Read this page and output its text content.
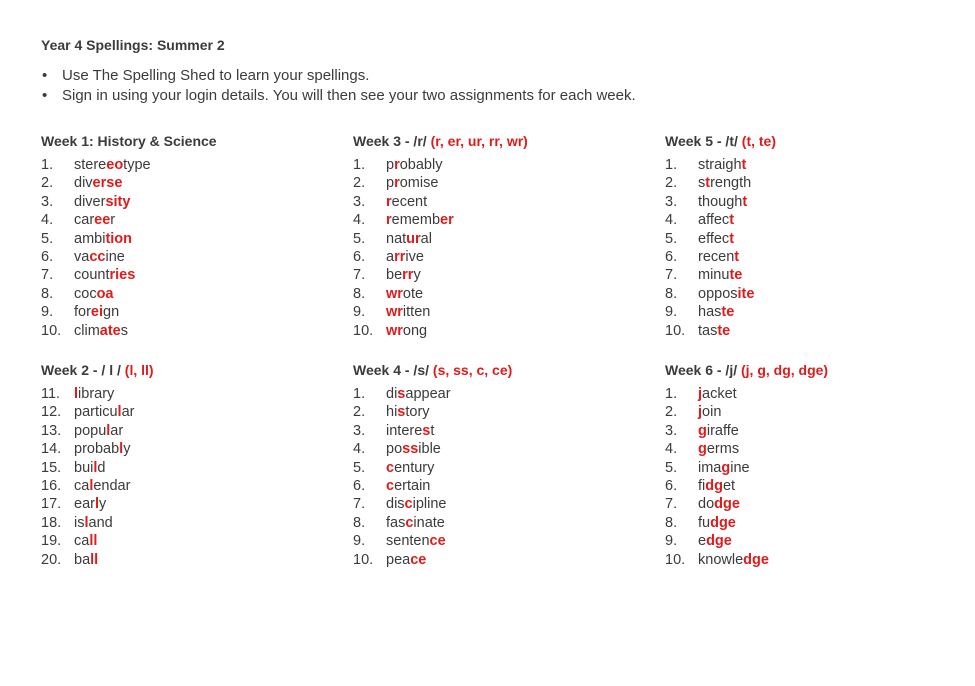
Year 4 Spellings: Summer 2
• Use The Spelling Shed to learn your spellings.
• Sign in using your login details. You will then see your two assignments for each week.
Week 1: History & Science
1. stereeotype
2. diverse
3. diversity
4. career
5. ambition
6. vaccine
7. countries
8. cocoa
9. foreign
10. climates
Week 3 - /r/ (r, er, ur, rr, wr)
1. probably
2. promise
3. recent
4. remember
5. natural
6. arrive
7. berry
8. wrote
9. written
10. wrong
Week 5 - /t/ (t, te)
1. straight
2. strength
3. thought
4. affect
5. effect
6. recent
7. minute
8. opposite
9. haste
10. taste
Week 2 - / l / (l, ll)
11. library
12. particular
13. popular
14. probably
15. build
16. calendar
17. early
18. island
19. call
20. ball
Week 4 - /s/ (s, ss, c, ce)
1. disappear
2. history
3. interest
4. possible
5. century
6. certain
7. discipline
8. fascinate
9. sentence
10. peace
Week 6 - /j/ (j, g, dg, dge)
1. jacket
2. join
3. giraffe
4. germs
5. imagine
6. fidget
7. dodge
8. fudge
9. edge
10. knowledge
